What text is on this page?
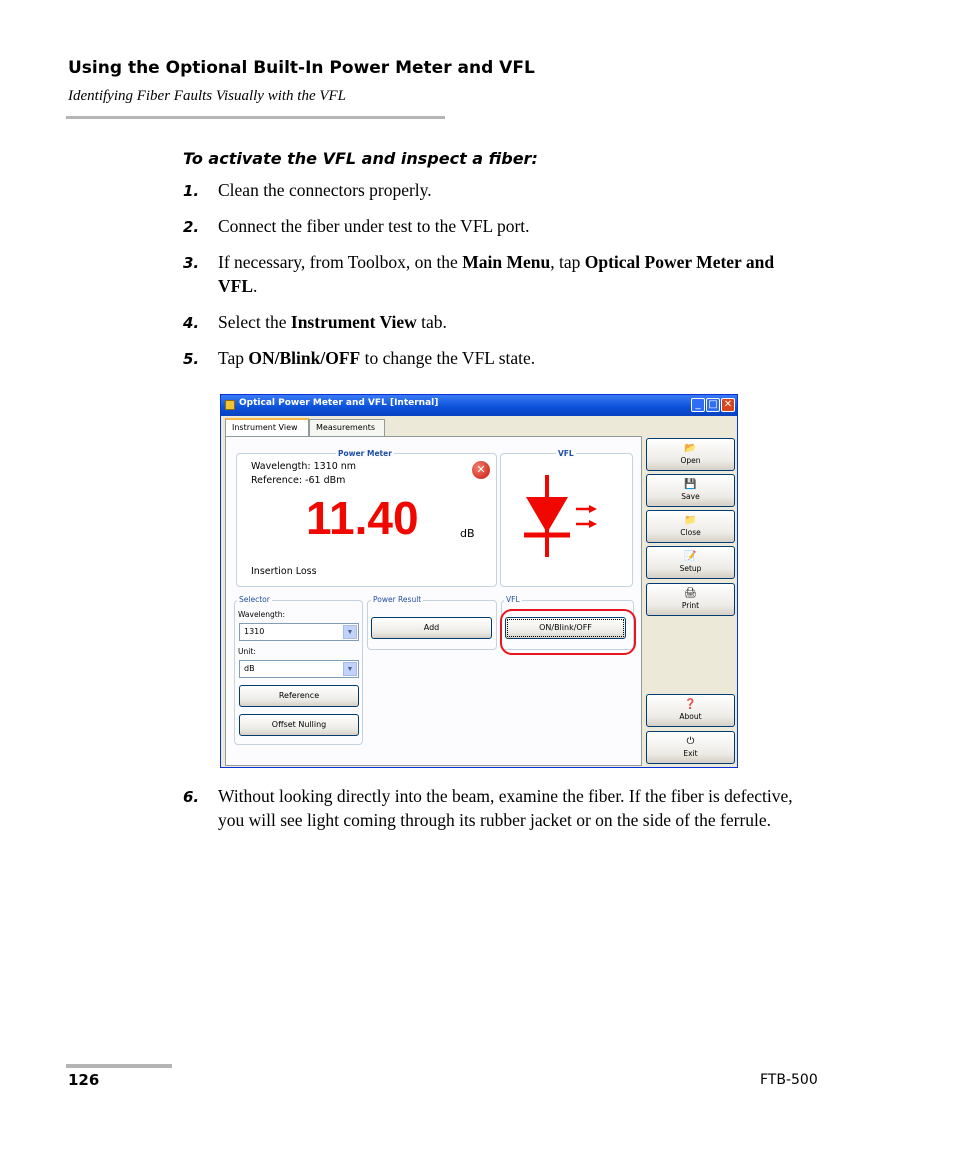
Using the Optional Built-In Power Meter and VFL
Identifying Fiber Faults Visually with the VFL
To activate the VFL and inspect a fiber:
1. Clean the connectors properly.
2. Connect the fiber under test to the VFL port.
3. If necessary, from Toolbox, on the Main Menu, tap Optical Power Meter and VFL.
4. Select the Instrument View tab.
5. Tap ON/Blink/OFF to change the VFL state.
Optical Power Meter and VFL [Internal]	_ □ ✕
Instrument View	Measurements
Power Meter
Wavelength: 1310 nm
Reference: -61 dBm
✕
11.40	dB
Insertion Loss
VFL
Selector
Wavelength:
1310	▼
Unit:
dB	▼
Reference
Offset Nulling
Power Result
Add
VFL
ON/Blink/OFF
📂
Open
💾
Save
📁
Close
📝
Setup
🖨
Print
❓
About
⏻
Exit
6. Without looking directly into the beam, examine the fiber. If the fiber is defective, you will see light coming through its rubber jacket or on the side of the ferrule.
126	FTB-500
